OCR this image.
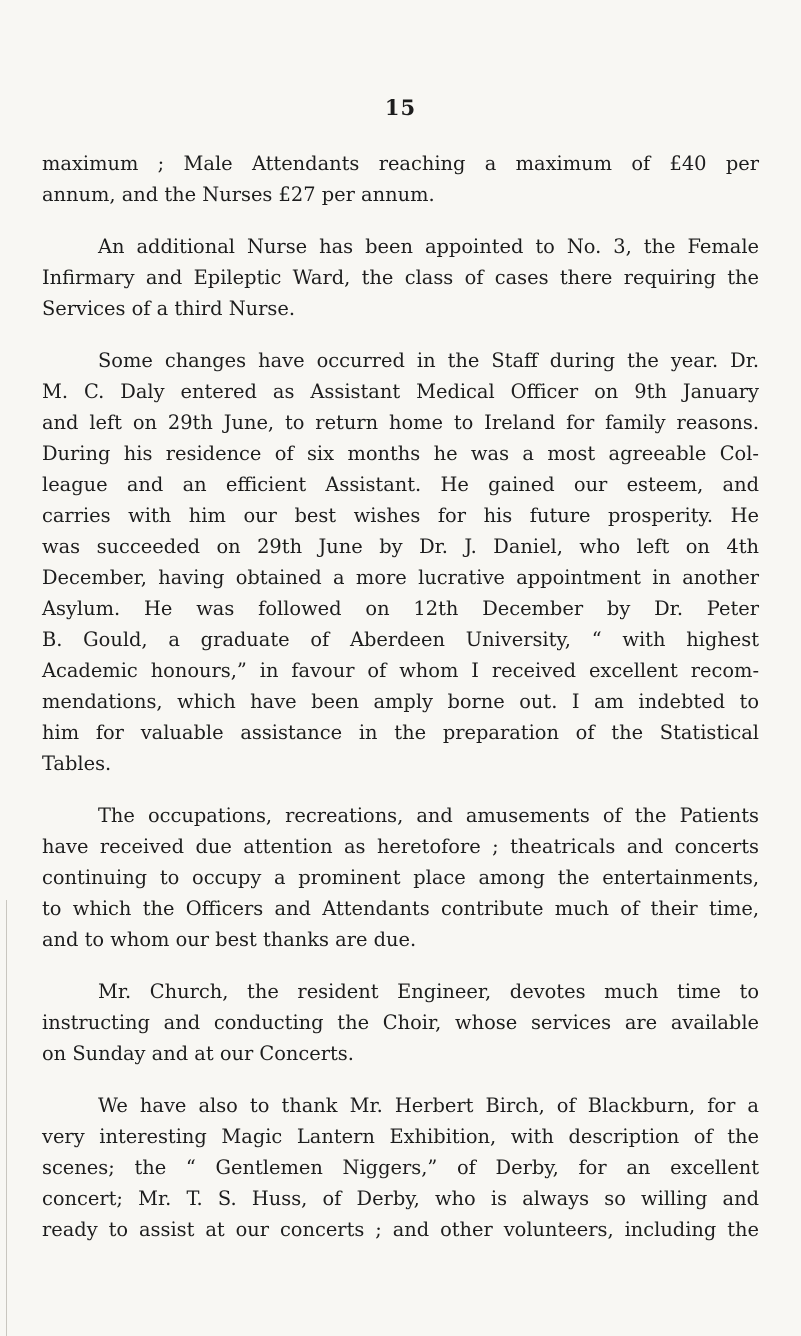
15

maximum ; Male Attendants reaching a maximum of £40 per
annum, and the Nurses £27 per annum.

An additional Nurse has been appointed to No. 3, the Female
Infirmary and Epileptic Ward, the class of cases there requiring the
Services of a third Nurse.

Some changes have occurred in the Staff during the year. Dr.
M. C. Daly entered as Assistant Medical Officer on 9th January
and left on 29th June, to return home to Ireland for family reasons.
During his residence of six months he was a most agreeable Col-
league and an efficient Assistant. He gained our esteem, and
carries with him our best wishes for his future prosperity. He
was succeeded on 29th June by Dr. J. Daniel, who left on 4th
December, having obtained a more lucrative appointment in another
Asylum. He was followed on 12th December by Dr. Peter
B. Gould, a graduate of Aberdeen University, “ with highest
Academic honours,” in favour of whom I received excellent recom-
mendations, which have been amply borne out. I am indebted to
him for valuable assistance in the preparation of the Statistical
Tables.

The occupations, recreations, and amusements of the Patients
have received due attention as heretofore ; theatricals and concerts
continuing to occupy a prominent place among the entertainments,
to which the Officers and Attendants contribute much of their time,
and to whom our best thanks are due.

Mr. Church, the resident Engineer, devotes much time to
instructing and conducting the Choir, whose services are available
on Sunday and at our Concerts.

We have also to thank Mr. Herbert Birch, of Blackburn, for a
very interesting Magic Lantern Exhibition, with description of the
scenes; the “ Gentlemen Niggers,” of Derby, for an excellent
concert; Mr. T. S. Huss, of Derby, who is always so willing and
ready to assist at our concerts ; and other volunteers, including the
